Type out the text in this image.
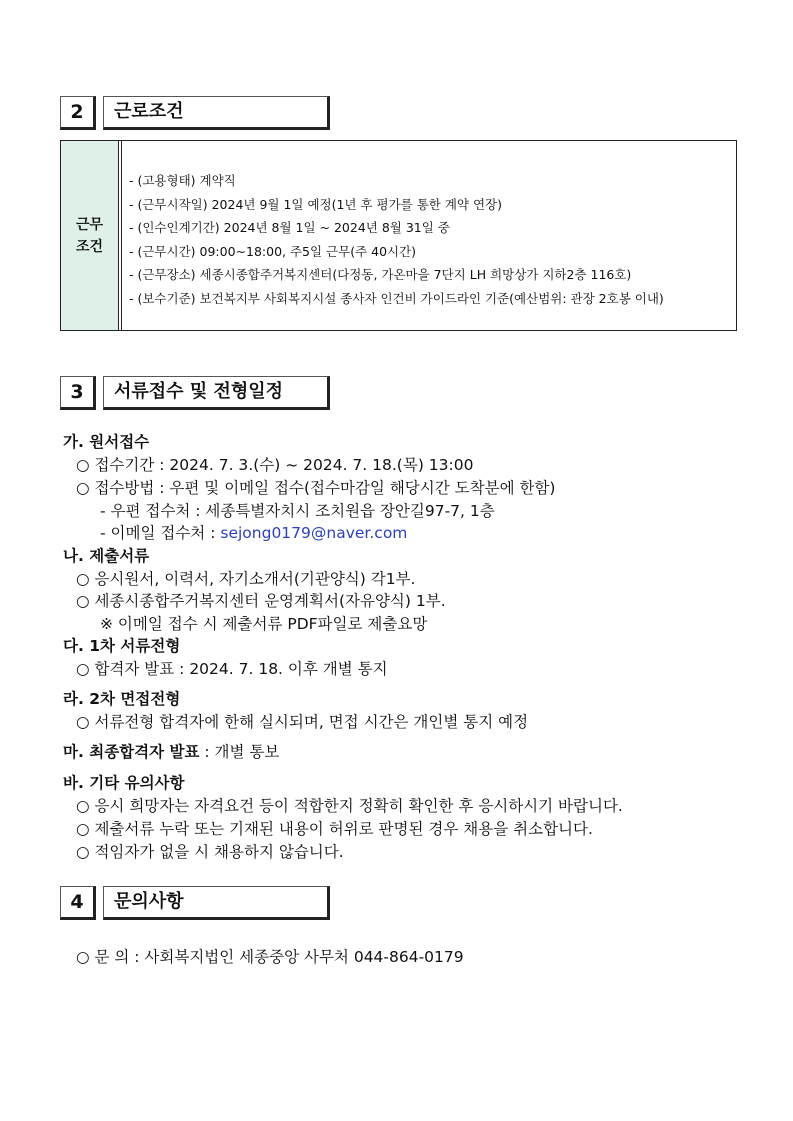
2	근로조건
근무
조건
- (고용형태) 계약직
- (근무시작일) 2024년 9월 1일 예정(1년 후 평가를 통한 계약 연장)
- (인수인계기간) 2024년 8월 1일 ~ 2024년 8월 31일 중
- (근무시간) 09:00~18:00, 주5일 근무(주 40시간)
- (근무장소) 세종시종합주거복지센터(다정동, 가온마을 7단지 LH 희망상가 지하2층 116호)
- (보수기준) 보건복지부 사회복지시설 종사자 인건비 가이드라인 기준(예산범위: 관장 2호봉 이내)
3	서류접수 및 전형일정
가. 원서접수
○ 접수기간 : 2024. 7. 3.(수) ~ 2024. 7. 18.(목) 13:00
○ 접수방법 : 우편 및 이메일 접수(접수마감일 해당시간 도착분에 한함)
- 우편 접수처 : 세종특별자치시 조치원읍 장안길97-7, 1층
- 이메일 접수처 : sejong0179@naver.com
나. 제출서류
○ 응시원서, 이력서, 자기소개서(기관양식) 각1부.
○ 세종시종합주거복지센터 운영계획서(자유양식) 1부.
※ 이메일 접수 시 제출서류 PDF파일로 제출요망
다. 1차 서류전형
○ 합격자 발표 : 2024. 7. 18. 이후 개별 통지
라. 2차 면접전형
○ 서류전형 합격자에 한해 실시되며, 면접 시간은 개인별 통지 예정
마. 최종합격자 발표 : 개별 통보
바. 기타 유의사항
○ 응시 희망자는 자격요건 등이 적합한지 정확히 확인한 후 응시하시기 바랍니다.
○ 제출서류 누락 또는 기재된 내용이 허위로 판명된 경우 채용을 취소합니다.
○ 적임자가 없을 시 채용하지 않습니다.
4	문의사항
○ 문 의 : 사회복지법인 세종중앙 사무처 044-864-0179
